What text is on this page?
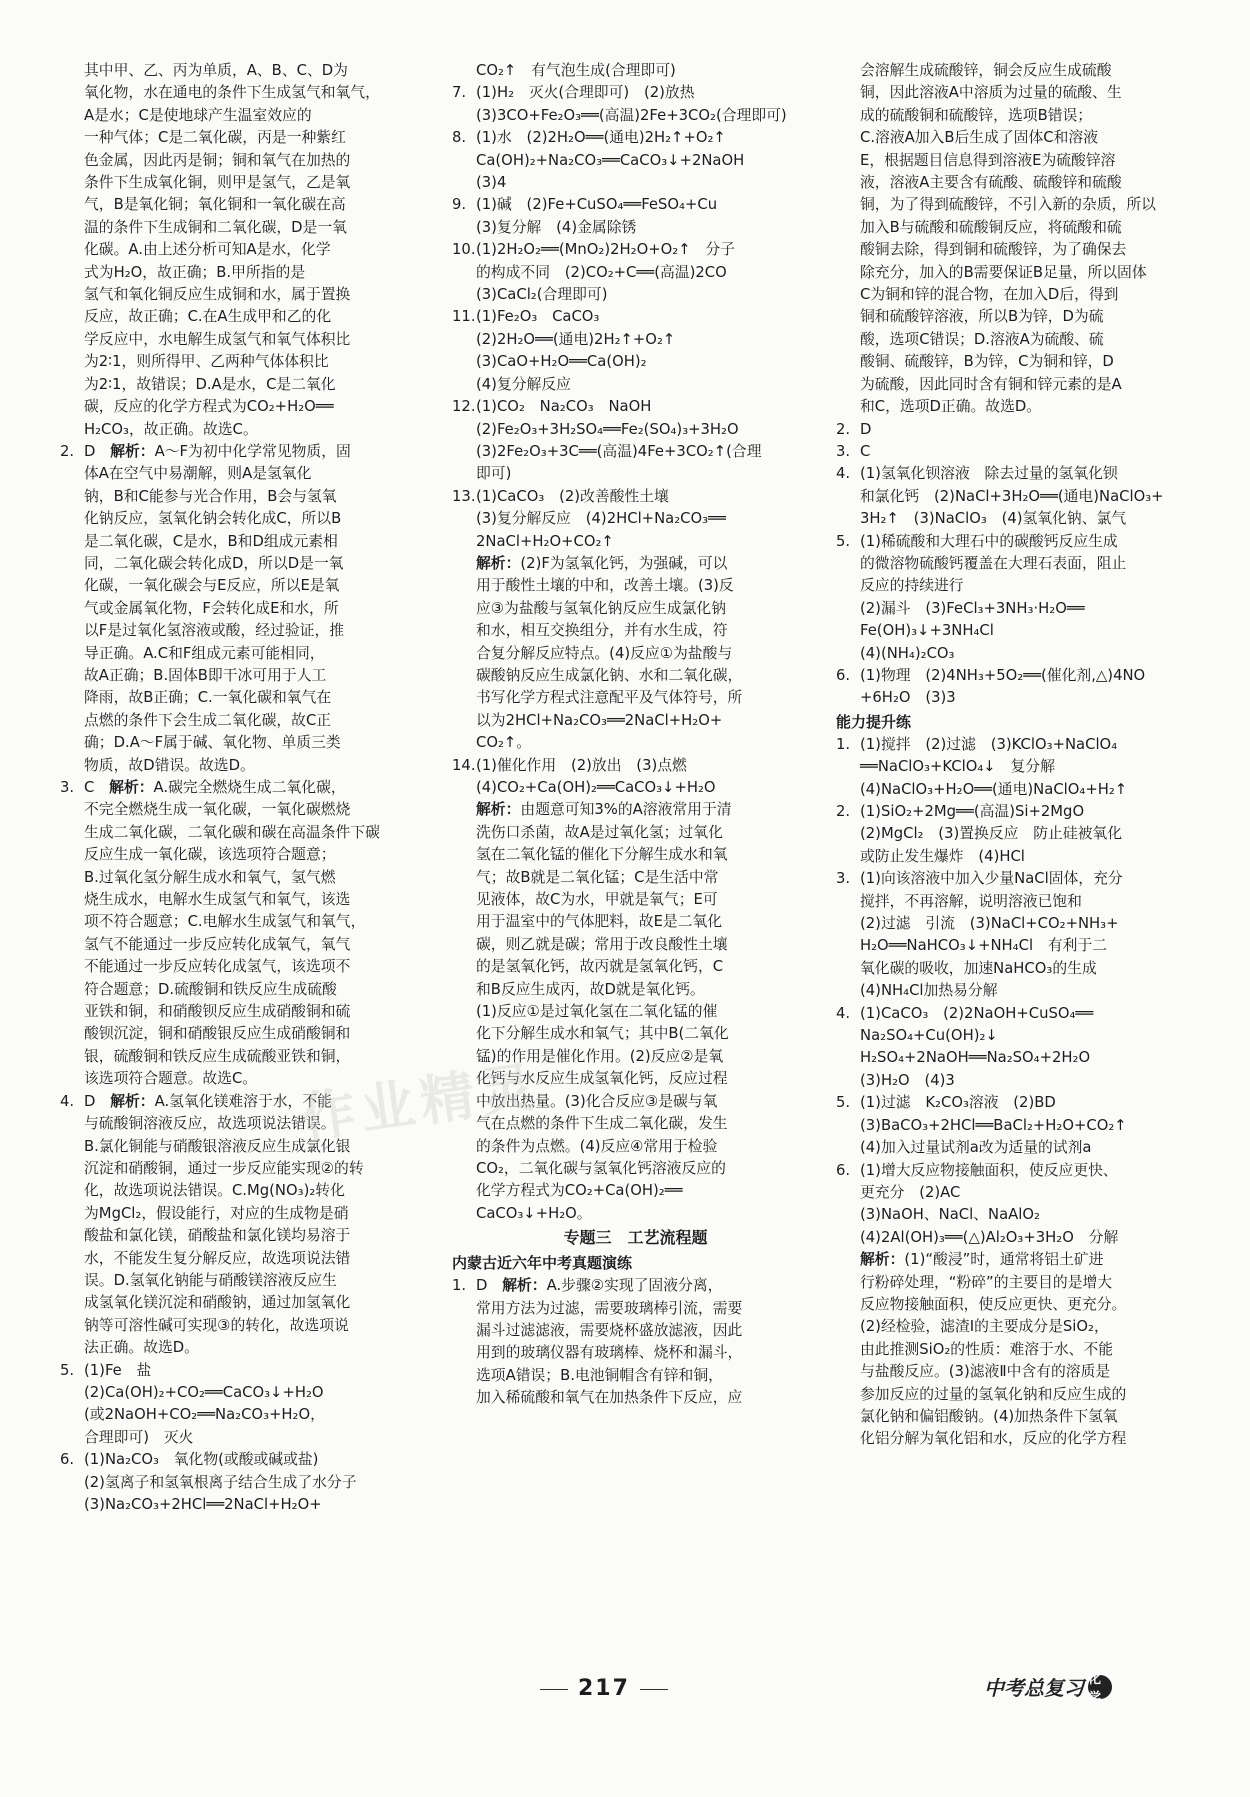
其中甲、乙、丙为单质，A、B、C、D为
氧化物，水在通电的条件下生成氢气和氧气，
A是水；C是使地球产生温室效应的
一种气体；C是二氧化碳，丙是一种紫红
色金属，因此丙是铜；铜和氧气在加热的
条件下生成氧化铜，则甲是氢气，乙是氧
气，B是氧化铜；氧化铜和一氧化碳在高
温的条件下生成铜和二氧化碳，D是一氧
化碳。A.由上述分析可知A是水，化学
式为H₂O，故正确；B.甲所指的是
氢气和氧化铜反应生成铜和水，属于置换
反应，故正确；C.在A生成甲和乙的化
学反应中，水电解生成氢气和氧气体积比
为2∶1，则所得甲、乙两种气体体积比
为2∶1，故错误；D.A是水，C是二氧化
碳，反应的化学方程式为CO₂+H₂O══
H₂CO₃，故正确。故选C。
2. D　解析：A～F为初中化学常见物质，固
体A在空气中易潮解，则A是氢氧化
钠，B和C能参与光合作用，B会与氢氧
化钠反应，氢氧化钠会转化成C，所以B
是二氧化碳，C是水，B和D组成元素相
同，二氧化碳会转化成D，所以D是一氧
化碳，一氧化碳会与E反应，所以E是氧
气或金属氧化物，F会转化成E和水，所
以F是过氧化氢溶液或酸，经过验证，推
导正确。A.C和F组成元素可能相同，
故A正确；B.固体B即干冰可用于人工
降雨，故B正确；C.一氧化碳和氧气在
点燃的条件下会生成二氧化碳，故C正
确；D.A～F属于碱、氧化物、单质三类
物质，故D错误。故选D。
3. C　解析：A.碳完全燃烧生成二氧化碳，
不完全燃烧生成一氧化碳，一氧化碳燃烧
生成二氧化碳，二氧化碳和碳在高温条件下碳
反应生成一氧化碳，该选项符合题意；
B.过氧化氢分解生成水和氧气，氢气燃
烧生成水，电解水生成氢气和氧气，该选
项不符合题意；C.电解水生成氢气和氧气，
氢气不能通过一步反应转化成氧气，氧气
不能通过一步反应转化成氢气，该选项不
符合题意；D.硫酸铜和铁反应生成硫酸
亚铁和铜，和硝酸钡反应生成硝酸铜和硫
酸钡沉淀，铜和硝酸银反应生成硝酸铜和
银，硫酸铜和铁反应生成硫酸亚铁和铜，
该选项符合题意。故选C。
4. D　解析：A.氢氧化镁难溶于水，不能
与硫酸铜溶液反应，故选项说法错误。
B.氯化铜能与硝酸银溶液反应生成氯化银
沉淀和硝酸铜，通过一步反应能实现②的转
化，故选项说法错误。C.Mg(NO₃)₂转化
为MgCl₂，假设能行，对应的生成物是硝
酸盐和氯化镁，硝酸盐和氯化镁均易溶于
水，不能发生复分解反应，故选项说法错
误。D.氢氧化钠能与硝酸镁溶液反应生
成氢氧化镁沉淀和硝酸钠，通过加氢氧化
钠等可溶性碱可实现③的转化，故选项说
法正确。故选D。
5. (1)Fe　盐
(2)Ca(OH)₂+CO₂══CaCO₃↓+H₂O
(或2NaOH+CO₂══Na₂CO₃+H₂O，
合理即可)　灭火
6. (1)Na₂CO₃　氧化物(或酸或碱或盐)
(2)氢离子和氢氧根离子结合生成了水分子
(3)Na₂CO₃+2HCl══2NaCl+H₂O+
CO₂↑　有气泡生成(合理即可)
7. (1)H₂　灭火(合理即可)　(2)放热
(3)3CO+Fe₂O₃══(高温)2Fe+3CO₂(合理即可)
8. (1)水　(2)2H₂O══(通电)2H₂↑+O₂↑
Ca(OH)₂+Na₂CO₃══CaCO₃↓+2NaOH
(3)4
9. (1)碱　(2)Fe+CuSO₄══FeSO₄+Cu
(3)复分解　(4)金属除锈
10.(1)2H₂O₂══(MnO₂)2H₂O+O₂↑　分子
的构成不同　(2)CO₂+C══(高温)2CO
(3)CaCl₂(合理即可)
11.(1)Fe₂O₃　CaCO₃
(2)2H₂O══(通电)2H₂↑+O₂↑
(3)CaO+H₂O══Ca(OH)₂
(4)复分解反应
12.(1)CO₂　Na₂CO₃　NaOH
(2)Fe₂O₃+3H₂SO₄══Fe₂(SO₄)₃+3H₂O
(3)2Fe₂O₃+3C══(高温)4Fe+3CO₂↑(合理
即可)
13.(1)CaCO₃　(2)改善酸性土壤
(3)复分解反应　(4)2HCl+Na₂CO₃══
2NaCl+H₂O+CO₂↑
解析：(2)F为氢氧化钙，为强碱，可以
用于酸性土壤的中和，改善土壤。(3)反
应③为盐酸与氢氧化钠反应生成氯化钠
和水，相互交换组分，并有水生成，符
合复分解反应特点。(4)反应①为盐酸与
碳酸钠反应生成氯化钠、水和二氧化碳，
书写化学方程式注意配平及气体符号，所
以为2HCl+Na₂CO₃══2NaCl+H₂O+
CO₂↑。
14.(1)催化作用　(2)放出　(3)点燃
(4)CO₂+Ca(OH)₂══CaCO₃↓+H₂O
解析：由题意可知3%的A溶液常用于清
洗伤口杀菌，故A是过氧化氢；过氧化
氢在二氧化锰的催化下分解生成水和氧
气；故B就是二氧化锰；C是生活中常
见液体，故C为水，甲就是氧气；E可
用于温室中的气体肥料，故E是二氧化
碳，则乙就是碳；常用于改良酸性土壤
的是氢氧化钙，故丙就是氢氧化钙，C
和B反应生成丙，故D就是氧化钙。
(1)反应①是过氧化氢在二氧化锰的催
化下分解生成水和氧气；其中B(二氧化
锰)的作用是催化作用。(2)反应②是氧
化钙与水反应生成氢氧化钙，反应过程
中放出热量。(3)化合反应③是碳与氧
气在点燃的条件下生成二氧化碳，发生
的条件为点燃。(4)反应④常用于检验
CO₂，二氧化碳与氢氧化钙溶液反应的
化学方程式为CO₂+Ca(OH)₂══
CaCO₃↓+H₂O。
专题三　工艺流程题
内蒙古近六年中考真题演练
1. D　解析：A.步骤②实现了固液分离，
常用方法为过滤，需要玻璃棒引流，需要
漏斗过滤滤液，需要烧杯盛放滤液，因此
用到的玻璃仪器有玻璃棒、烧杯和漏斗，
选项A错误；B.电池铜帽含有锌和铜，
加入稀硫酸和氧气在加热条件下反应，应
会溶解生成硫酸锌，铜会反应生成硫酸
铜，因此溶液A中溶质为过量的硫酸、生
成的硫酸铜和硫酸锌，选项B错误；
C.溶液A加入B后生成了固体C和溶液
E，根据题目信息得到溶液E为硫酸锌溶
液，溶液A主要含有硫酸、硫酸锌和硫酸
铜，为了得到硫酸锌，不引入新的杂质，所以
加入B与硫酸和硫酸铜反应，将硫酸和硫
酸铜去除，得到铜和硫酸锌，为了确保去
除充分，加入的B需要保证B足量，所以固体
C为铜和锌的混合物，在加入D后，得到
铜和硫酸锌溶液，所以B为锌，D为硫
酸，选项C错误；D.溶液A为硫酸、硫
酸铜、硫酸锌，B为锌，C为铜和锌，D
为硫酸，因此同时含有铜和锌元素的是A
和C，选项D正确。故选D。
2. D
3. C
4. (1)氢氧化钡溶液　除去过量的氢氧化钡
和氯化钙　(2)NaCl+3H₂O══(通电)NaClO₃+
3H₂↑　(3)NaClO₃　(4)氢氧化钠、氯气
5. (1)稀硫酸和大理石中的碳酸钙反应生成
的微溶物硫酸钙覆盖在大理石表面，阻止
反应的持续进行
(2)漏斗　(3)FeCl₃+3NH₃·H₂O══
Fe(OH)₃↓+3NH₄Cl
(4)(NH₄)₂CO₃
6. (1)物理　(2)4NH₃+5O₂══(催化剂,△)4NO
+6H₂O　(3)3
能力提升练
1. (1)搅拌　(2)过滤　(3)KClO₃+NaClO₄
══NaClO₃+KClO₄↓　复分解
(4)NaClO₃+H₂O══(通电)NaClO₄+H₂↑
2. (1)SiO₂+2Mg══(高温)Si+2MgO
(2)MgCl₂　(3)置换反应　防止硅被氧化
或防止发生爆炸　(4)HCl
3. (1)向该溶液中加入少量NaCl固体，充分
搅拌，不再溶解，说明溶液已饱和
(2)过滤　引流　(3)NaCl+CO₂+NH₃+
H₂O══NaHCO₃↓+NH₄Cl　有利于二
氧化碳的吸收，加速NaHCO₃的生成
(4)NH₄Cl加热易分解
4. (1)CaCO₃　(2)2NaOH+CuSO₄══
Na₂SO₄+Cu(OH)₂↓
H₂SO₄+2NaOH══Na₂SO₄+2H₂O
(3)H₂O　(4)3
5. (1)过滤　K₂CO₃溶液　(2)BD
(3)BaCO₃+2HCl══BaCl₂+H₂O+CO₂↑
(4)加入过量试剂a改为适量的试剂a
6. (1)增大反应物接触面积，使反应更快、
更充分　(2)AC
(3)NaOH、NaCl、NaAlO₂
(4)2Al(OH)₃══(△)Al₂O₃+3H₂O　分解
解析：(1)“酸浸”时，通常将铝土矿进
行粉碎处理，“粉碎”的主要目的是增大
反应物接触面积，使反应更快、更充分。
(2)经检验，滤渣Ⅰ的主要成分是SiO₂，
由此推测SiO₂的性质：难溶于水、不能
与盐酸反应。(3)滤液Ⅱ中含有的溶质是
参加反应的过量的氢氧化钠和反应生成的
氯化钠和偏铝酸钠。(4)加热条件下氢氧
化铝分解为氧化铝和水，反应的化学方程
作业精灵
217	中考总复习 化学
